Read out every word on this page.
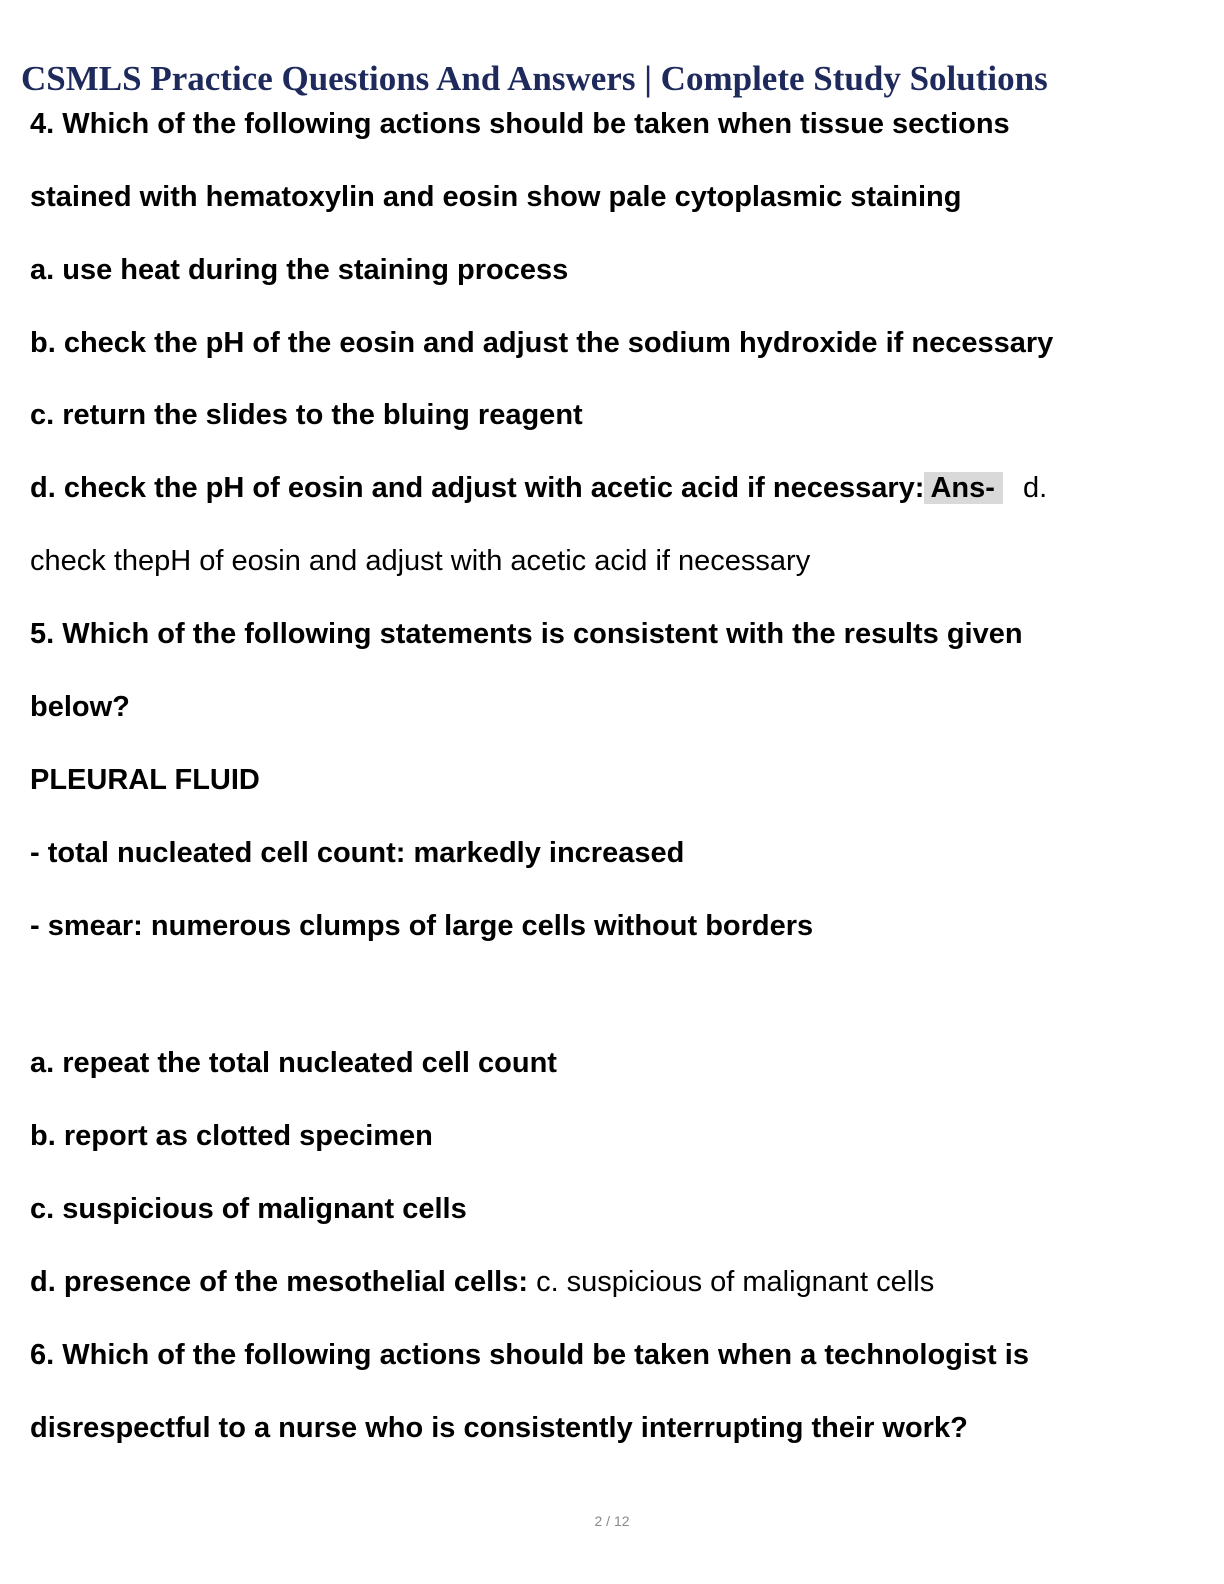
CSMLS Practice Questions And Answers | Complete Study Solutions

4. Which of the following actions should be taken when tissue sections

stained with hematoxylin and eosin show pale cytoplasmic staining

a. use heat during the staining process

b. check the pH of the eosin and adjust the sodium hydroxide if necessary

c. return the slides to the bluing reagent

d. check the pH of eosin and adjust with acetic acid if necessary: Ans- d.

check thepH of eosin and adjust with acetic acid if necessary

5. Which of the following statements is consistent with the results given

below?

PLEURAL FLUID

- total nucleated cell count: markedly increased

- smear: numerous clumps of large cells without borders

a. repeat the total nucleated cell count

b. report as clotted specimen

c. suspicious of malignant cells

d. presence of the mesothelial cells: c. suspicious of malignant cells

6. Which of the following actions should be taken when a technologist is

disrespectful to a nurse who is consistently interrupting their work?

2 / 12
